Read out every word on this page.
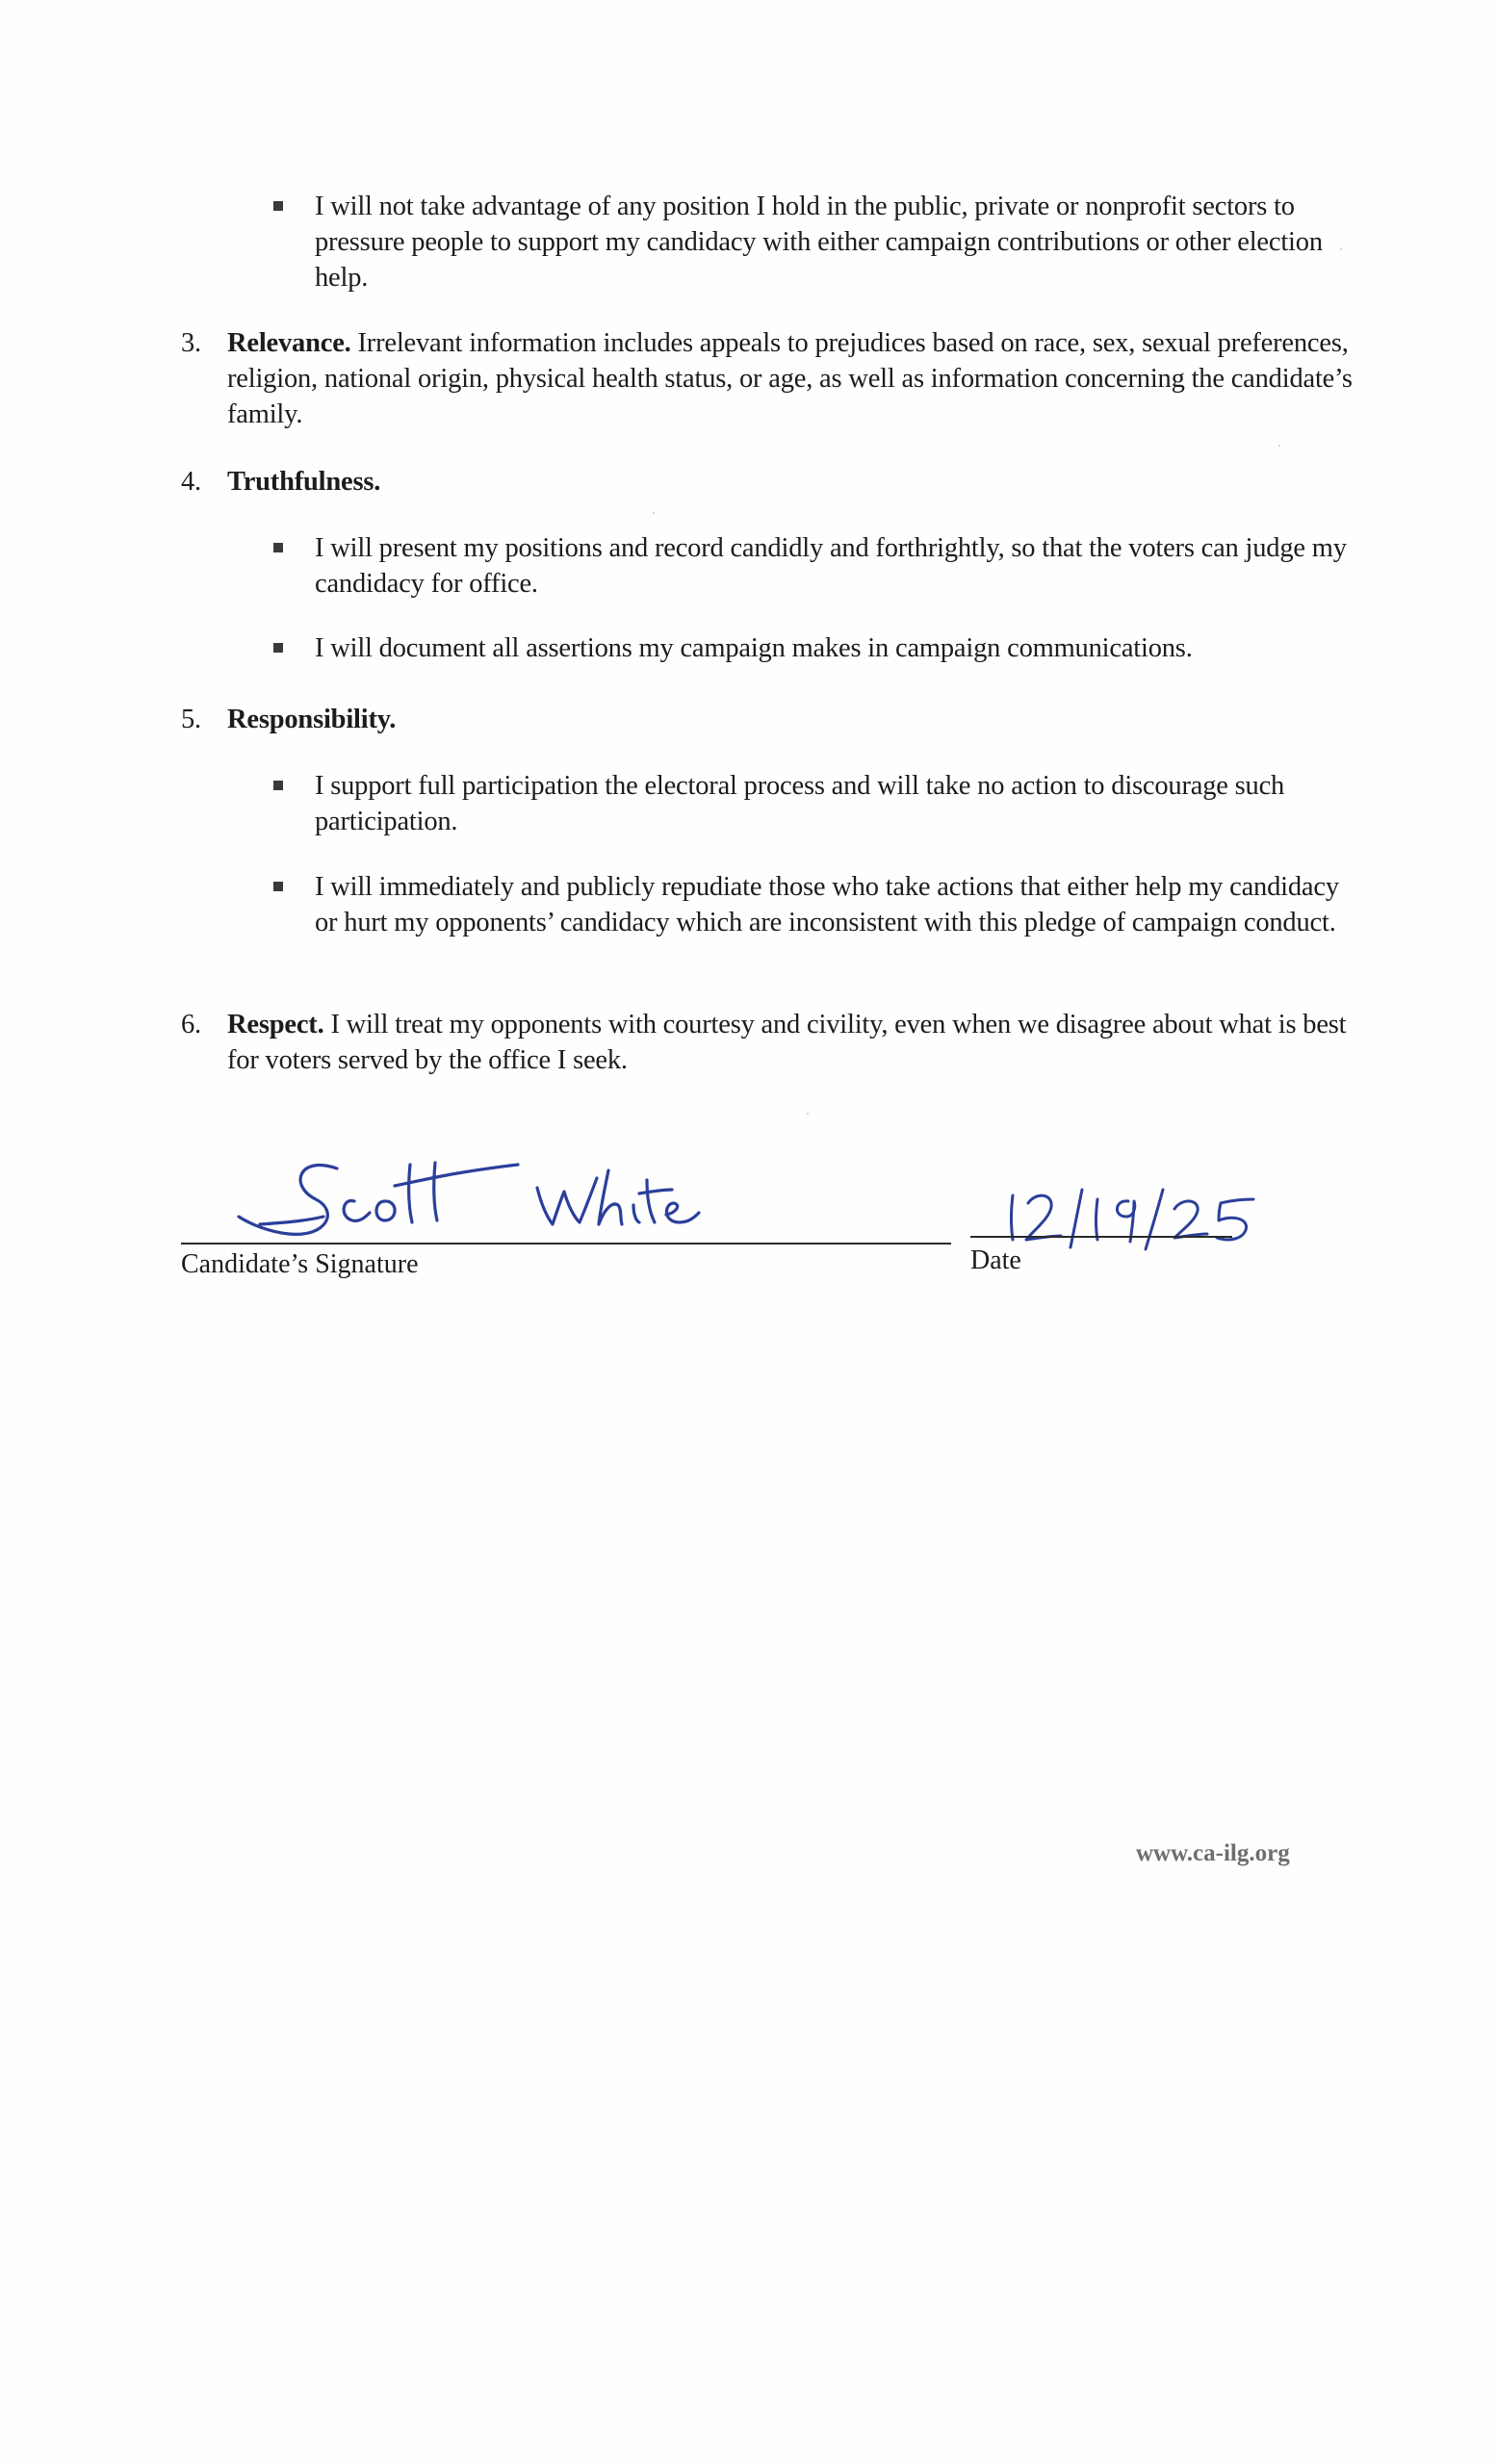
I will not take advantage of any position I hold in the public, private or nonprofit sectors to pressure people to support my candidacy with either campaign contributions or other election help.
3. Relevance. Irrelevant information includes appeals to prejudices based on race, sex, sexual preferences, religion, national origin, physical health status, or age, as well as information concerning the candidate’s family.
4. Truthfulness.
I will present my positions and record candidly and forthrightly, so that the voters can judge my candidacy for office.
I will document all assertions my campaign makes in campaign communications.
5. Responsibility.
I support full participation the electoral process and will take no action to discourage such participation.
I will immediately and publicly repudiate those who take actions that either help my candidacy or hurt my opponents’ candidacy which are inconsistent with this pledge of campaign conduct.
6. Respect. I will treat my opponents with courtesy and civility, even when we disagree about what is best for voters served by the office I seek.
Candidate’s Signature	Date
www.ca-ilg.org
